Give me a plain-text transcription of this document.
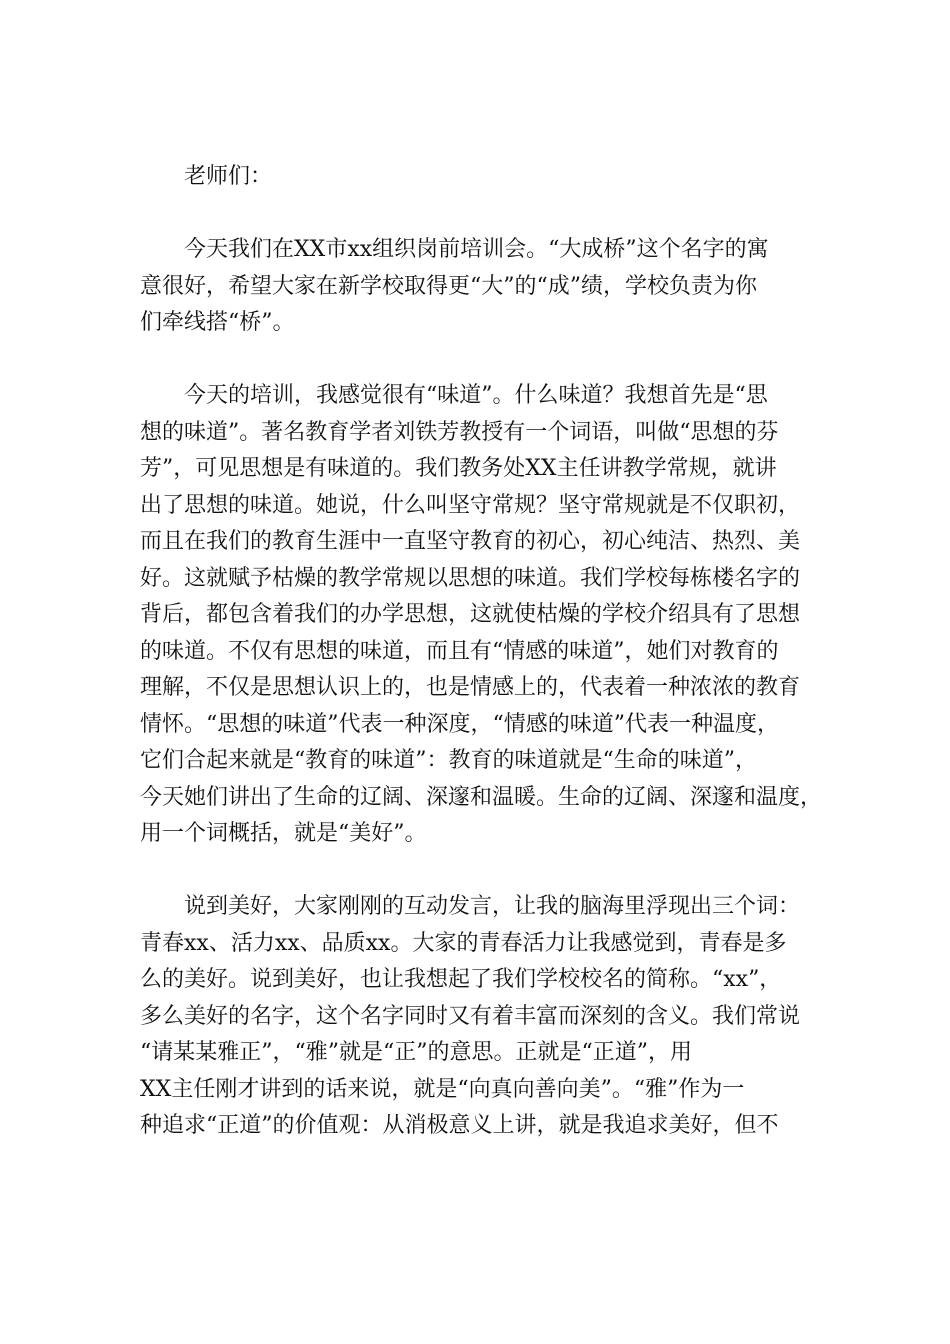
老师们：

今天我们在XX市xx组织岗前培训会。“大成桥”这个名字的寓
意很好，希望大家在新学校取得更“大”的“成”绩，学校负责为你
们牵线搭“桥”。

今天的培训，我感觉很有“味道”。什么味道？我想首先是“思
想的味道”。著名教育学者刘铁芳教授有一个词语，叫做“思想的芬
芳”，可见思想是有味道的。我们教务处XX主任讲教学常规，就讲
出了思想的味道。她说，什么叫坚守常规？坚守常规就是不仅职初，
而且在我们的教育生涯中一直坚守教育的初心，初心纯洁、热烈、美
好。这就赋予枯燥的教学常规以思想的味道。我们学校每栋楼名字的
背后，都包含着我们的办学思想，这就使枯燥的学校介绍具有了思想
的味道。不仅有思想的味道，而且有“情感的味道”，她们对教育的
理解，不仅是思想认识上的，也是情感上的，代表着一种浓浓的教育
情怀。“思想的味道”代表一种深度，“情感的味道”代表一种温度，
它们合起来就是“教育的味道”：教育的味道就是“生命的味道”，
今天她们讲出了生命的辽阔、深邃和温暖。生命的辽阔、深邃和温度，
用一个词概括，就是“美好”。

说到美好，大家刚刚的互动发言，让我的脑海里浮现出三个词：
青春xx、活力xx、品质xx。大家的青春活力让我感觉到，青春是多
么的美好。说到美好，也让我想起了我们学校校名的简称。“xx”，
多么美好的名字，这个名字同时又有着丰富而深刻的含义。我们常说
“请某某雅正”，“雅”就是“正”的意思。正就是“正道”，用
XX主任刚才讲到的话来说，就是“向真向善向美”。“雅”作为一
种追求“正道”的价值观：从消极意义上讲，就是我追求美好，但不
